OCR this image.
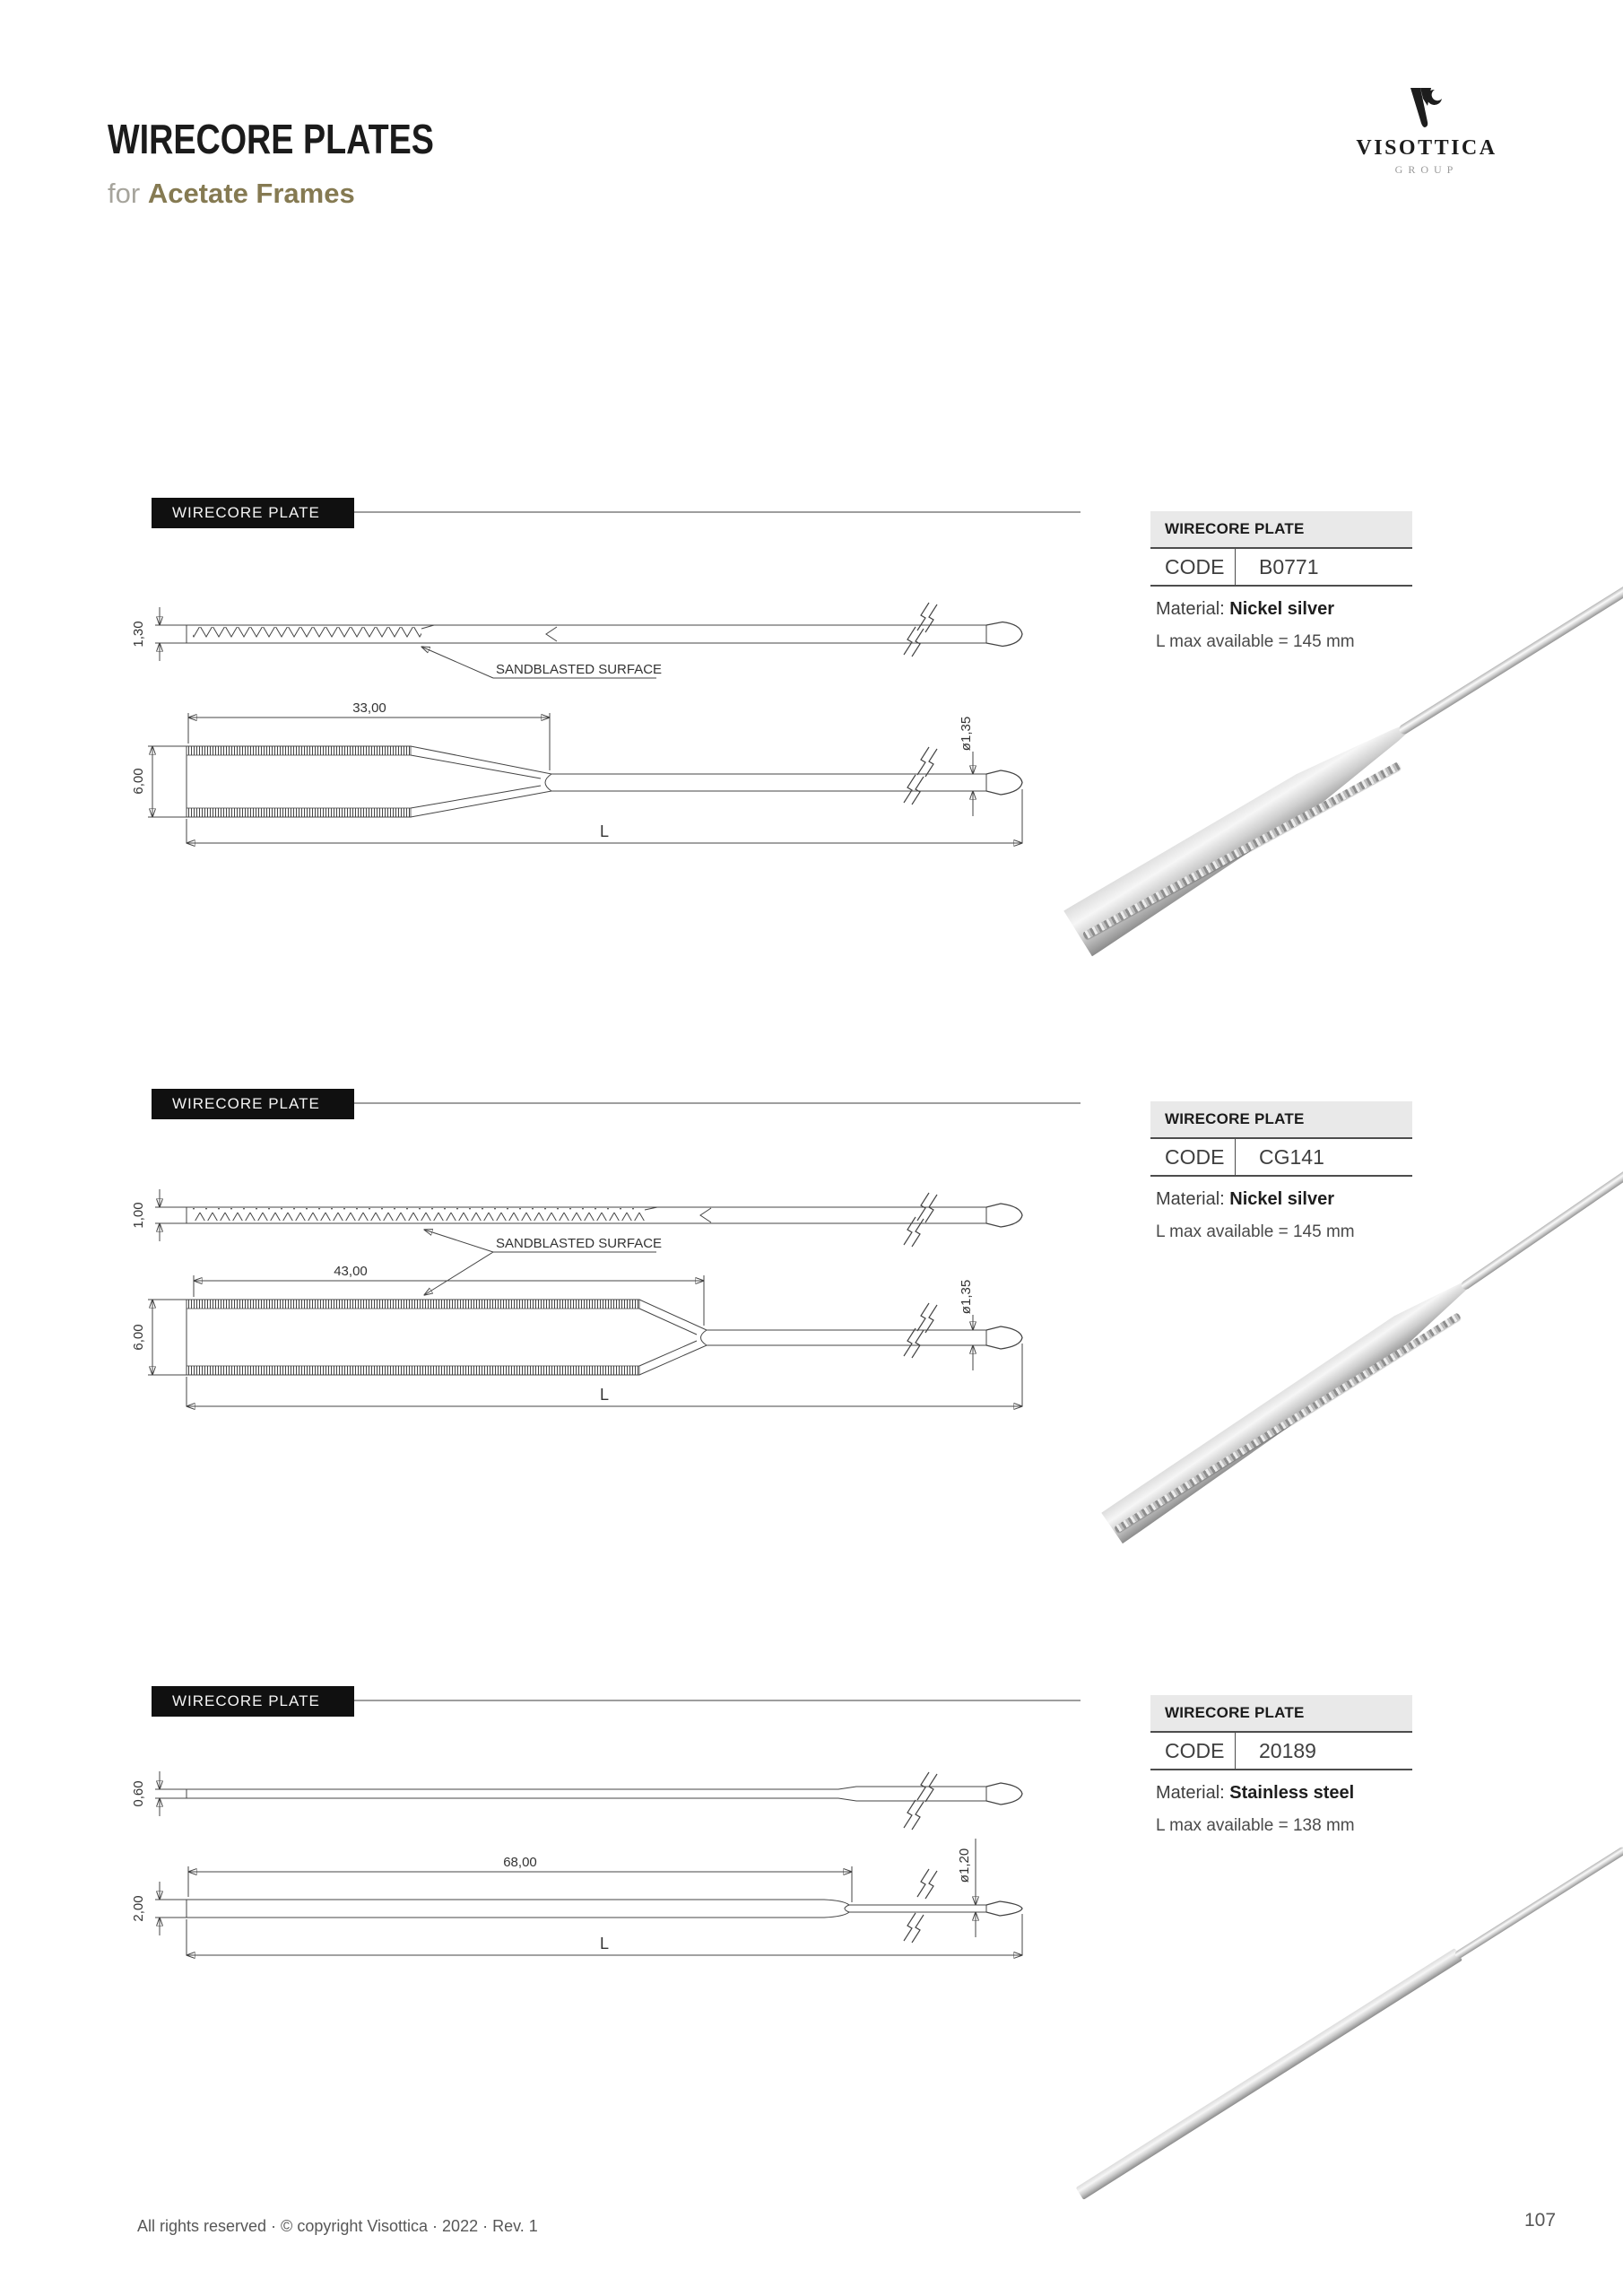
WIRECORE PLATES
for Acetate Frames
VISOTTICA
GROUP
WIRECORE PLATE
WIRECORE PLATE
CODE	B0771
Material: Nickel silver
L max available = 145 mm
1,30
SANDBLASTED SURFACE
33,00
6,00
ø1,35
L
WIRECORE PLATE
WIRECORE PLATE
CODE	CG141
Material: Nickel silver
L max available = 145 mm
1,00
SANDBLASTED SURFACE
43,00
6,00
ø1,35
L
WIRECORE PLATE
WIRECORE PLATE
CODE	20189
Material: Stainless steel
L max available = 138 mm
0,60
68,00
2,00
ø1,20
L
All rights reserved · © copyright Visottica · 2022 · Rev. 1	107
